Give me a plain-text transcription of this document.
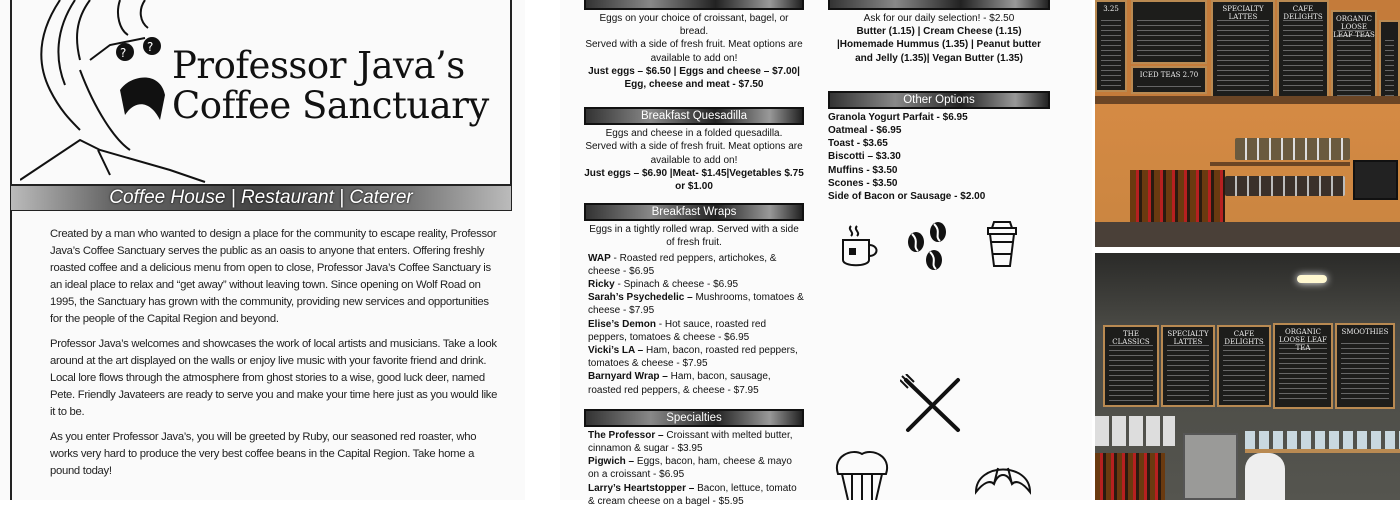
? ? Professor Java’s
Coffee Sanctuary
Coffee House | Restaurant | Caterer

Created by a man who wanted to design a place for the community to escape reality, Professor Java’s Coffee Sanctuary serves the public as an oasis to anyone that enters. Offering freshly roasted coffee and a delicious menu from open to close, Professor Java’s Coffee Sanctuary is an ideal place to relax and “get away” without leaving town. Since opening on Wolf Road on 1995, the Sanctuary has grown with the community, providing new services and opportunities for the people of the Capital Region and beyond.

Professor Java’s welcomes and showcases the work of local artists and musicians. Take a look around at the art displayed on the walls or enjoy live music with your favorite friend and drink. Local lore flows through the atmosphere from ghost stories to a wise, good luck deer, named Pete. Friendly Javateers are ready to serve you and make your time here just as you would like it to be.

As you enter Professor Java’s, you will be greeted by Ruby, our seasoned red roaster, who works very hard to produce the very best coffee beans in the Capital Region. Take home a pound today!

Eggs on your choice of croissant, bagel, or bread.
Served with a side of fresh fruit. Meat options are available to add on!
Just eggs – $6.50 | Eggs and cheese – $7.00| Egg, cheese and meat - $7.50
Breakfast Quesadilla
Eggs and cheese in a folded quesadilla.
Served with a side of fresh fruit. Meat options are available to add on!
Just eggs – $6.90 |Meat- $1.45|Vegetables $.75 or $1.00
Breakfast Wraps
Eggs in a tightly rolled wrap. Served with a side of fresh fruit.
WAP - Roasted red peppers, artichokes, & cheese - $6.95
Ricky - Spinach & cheese - $6.95
Sarah’s Psychedelic – Mushrooms, tomatoes & cheese - $7.95
Elise’s Demon - Hot sauce, roasted red peppers, tomatoes & cheese - $6.95
Vicki’s LA – Ham, bacon, roasted red peppers, tomatoes & cheese - $7.95
Barnyard Wrap – Ham, bacon, sausage, roasted red peppers, & cheese - $7.95
Specialties
The Professor – Croissant with melted butter, cinnamon & sugar - $3.95
Pigwich – Eggs, bacon, ham, cheese & mayo on a croissant - $6.95
Larry’s Heartstopper – Bacon, lettuce, tomato & cream cheese on a bagel - $5.95
Ask for our daily selection! - $2.50
Butter (1.15) | Cream Cheese (1.15) |Homemade Hummus (1.35) | Peanut butter and Jelly (1.35)| Vegan Butter (1.35)
Other Options
Granola Yogurt Parfait - $6.95
Oatmeal - $6.95
Toast - $3.65
Biscotti – $3.30
Muffins - $3.50
Scones - $3.50
Side of Bacon or Sausage - $2.00
3.25
ICED TEAS 2.70
SPECIALTY LATTES
CAFE DELIGHTS	ORGANIC LOOSE LEAF TEAS
THE CLASSICS
SPECIALTY LATTES
CAFE DELIGHTS
ORGANIC LOOSE LEAF TEA
SMOOTHIES
